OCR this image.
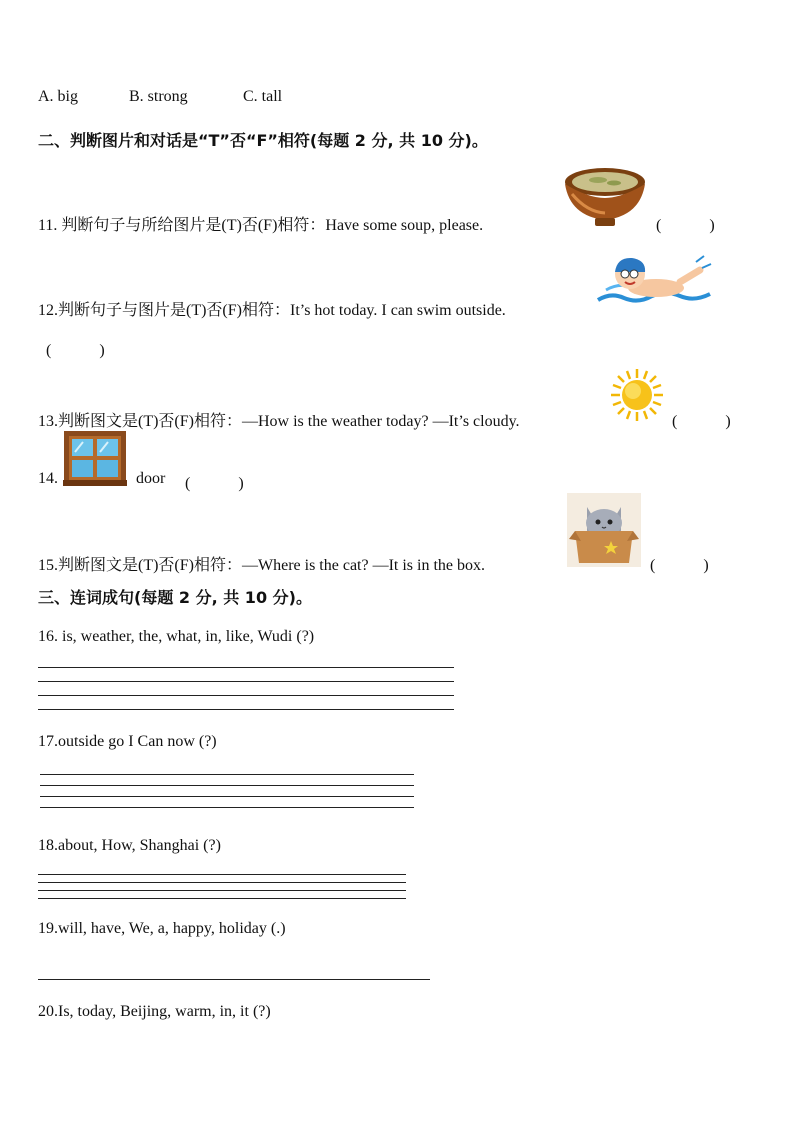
A. big	B. strong	C. tall
二、判断图片和对话是“T”否“F”相符(每题 2 分, 共 10 分)。
11. 判断句子与所给图片是(T)否(F)相符：Have some soup, please.	(　　　)
12.判断句子与图片是(T)否(F)相符：It’s hot today. I can swim outside.
(　　　)
13.判断图文是(T)否(F)相符：—How is the weather today? —It’s cloudy.	(　　　)
14.	door (　　　)
15.判断图文是(T)否(F)相符：—Where is the cat? —It is in the box.	(　　　)
三、连词成句(每题 2 分, 共 10 分)。
16. is, weather, the, what, in, like, Wudi (?)
17.outside go I Can now (?)
18.about, How, Shanghai (?)
19.will, have, We, a, happy, holiday (.)
20.Is, today, Beijing, warm, in, it (?)
